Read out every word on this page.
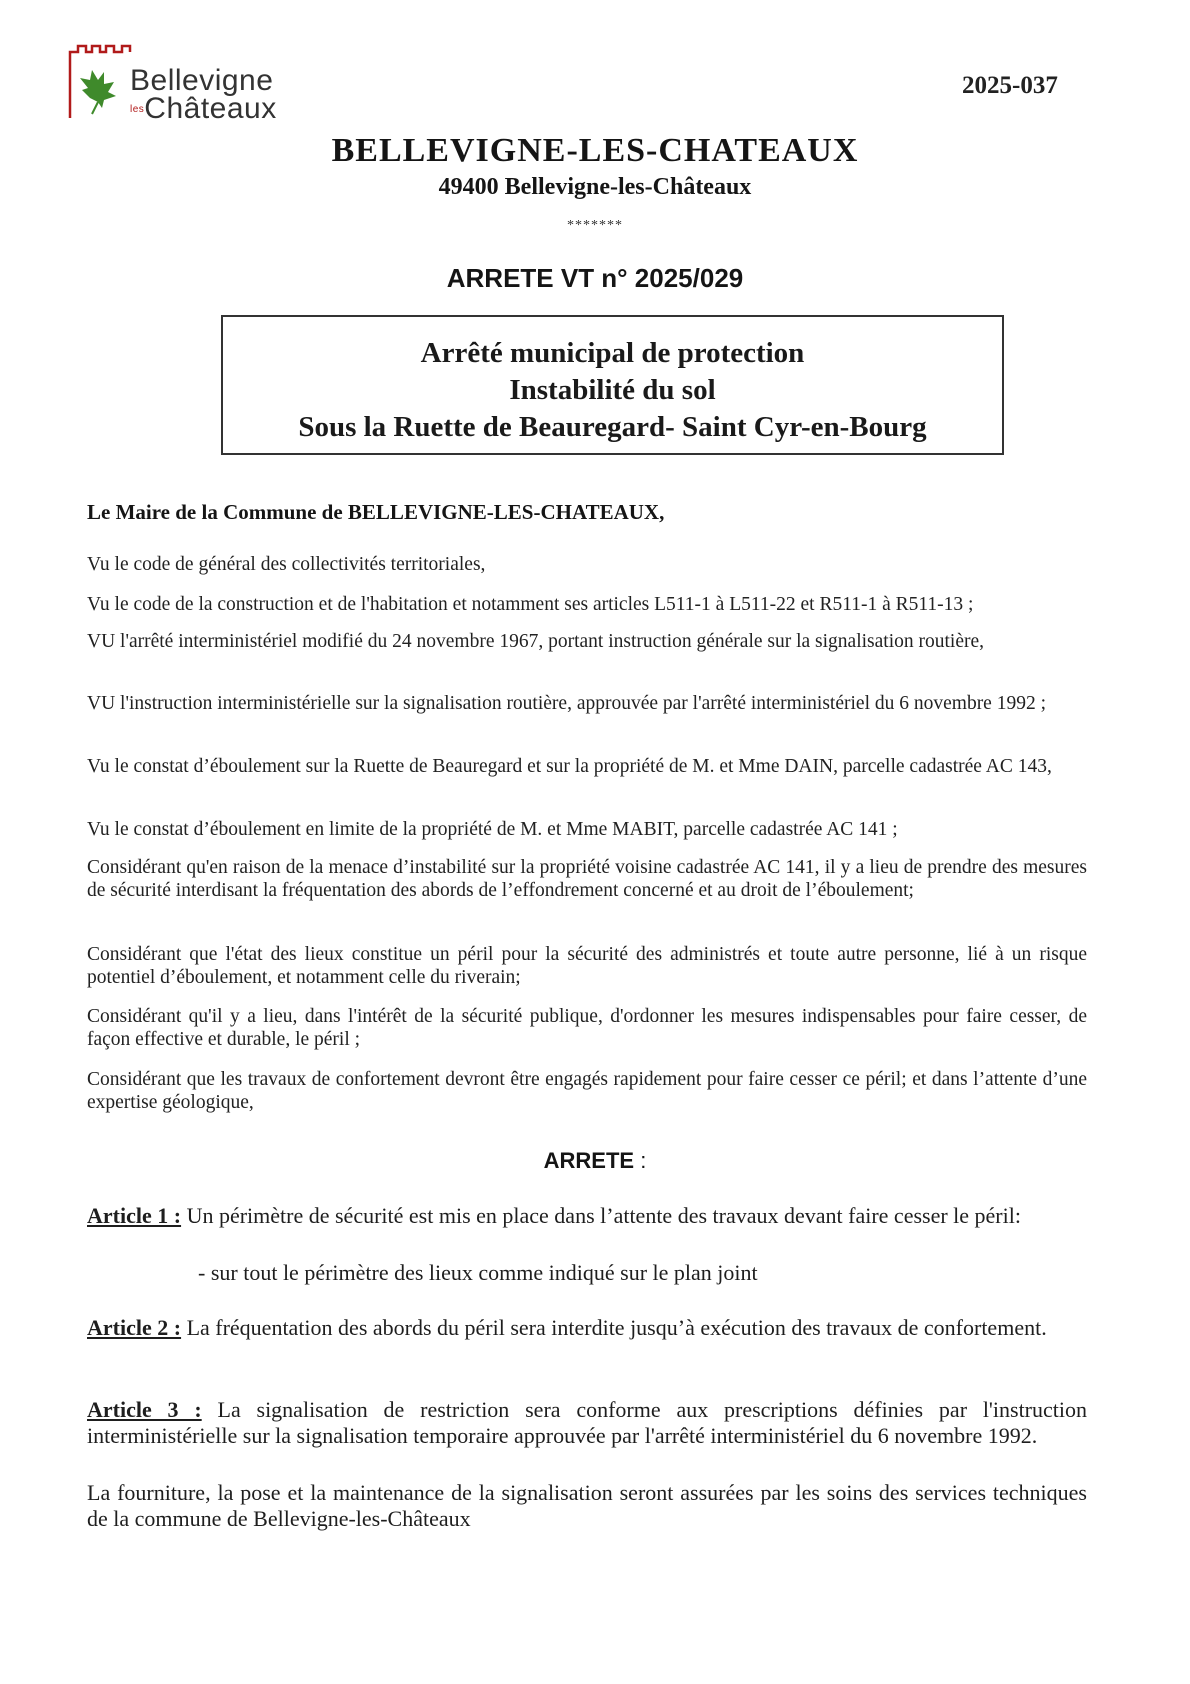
Bellevigne
$^{les}$Châteaux
2025-037
BELLEVIGNE-LES-CHATEAUX
49400 Bellevigne-les-Châteaux
*******
ARRETE VT n° 2025/029
Arrêté municipal de protection
Instabilité du sol
Sous la Ruette de Beauregard- Saint Cyr-en-Bourg
Le Maire de la Commune de BELLEVIGNE-LES-CHATEAUX,
Vu le code de général des collectivités territoriales,
Vu le code de la construction et de l'habitation et notamment ses articles L511-1 à L511-22 et R511-1 à R511-13 ;
VU l'arrêté interministériel modifié du 24 novembre 1967, portant instruction générale sur la signalisation routière,
VU l'instruction interministérielle sur la signalisation routière, approuvée par l'arrêté interministériel du 6 novembre 1992 ;
Vu le constat d’éboulement sur la Ruette de Beauregard et sur la propriété de M. et Mme DAIN, parcelle cadastrée AC 143,
Vu le constat d’éboulement en limite de la propriété de M. et Mme MABIT, parcelle cadastrée AC 141 ;
Considérant qu'en raison de la menace d’instabilité sur la propriété voisine cadastrée AC 141, il y a lieu de prendre des mesures de sécurité interdisant la fréquentation des abords de l’effondrement concerné et au droit de l’éboulement;
Considérant que l'état des lieux constitue un péril pour la sécurité des administrés et toute autre personne, lié à un risque potentiel d’éboulement, et notamment celle du riverain;
Considérant qu'il y a lieu, dans l'intérêt de la sécurité publique, d'ordonner les mesures indispensables pour faire cesser, de façon effective et durable, le péril ;
Considérant que les travaux de confortement devront être engagés rapidement pour faire cesser ce péril; et dans l’attente d’une expertise géologique,
ARRETE :
Article 1 : Un périmètre de sécurité est mis en place dans l’attente des travaux devant faire cesser le péril:
- sur tout le périmètre des lieux comme indiqué sur le plan joint
Article 2 : La fréquentation des abords du péril sera interdite jusqu’à exécution des travaux de confortement.
Article 3 : La signalisation de restriction sera conforme aux prescriptions définies par l'instruction interministérielle sur la signalisation temporaire approuvée par l'arrêté interministériel du 6 novembre 1992.
La fourniture, la pose et la maintenance de la signalisation seront assurées par les soins des services techniques de la commune de Bellevigne-les-Châteaux
